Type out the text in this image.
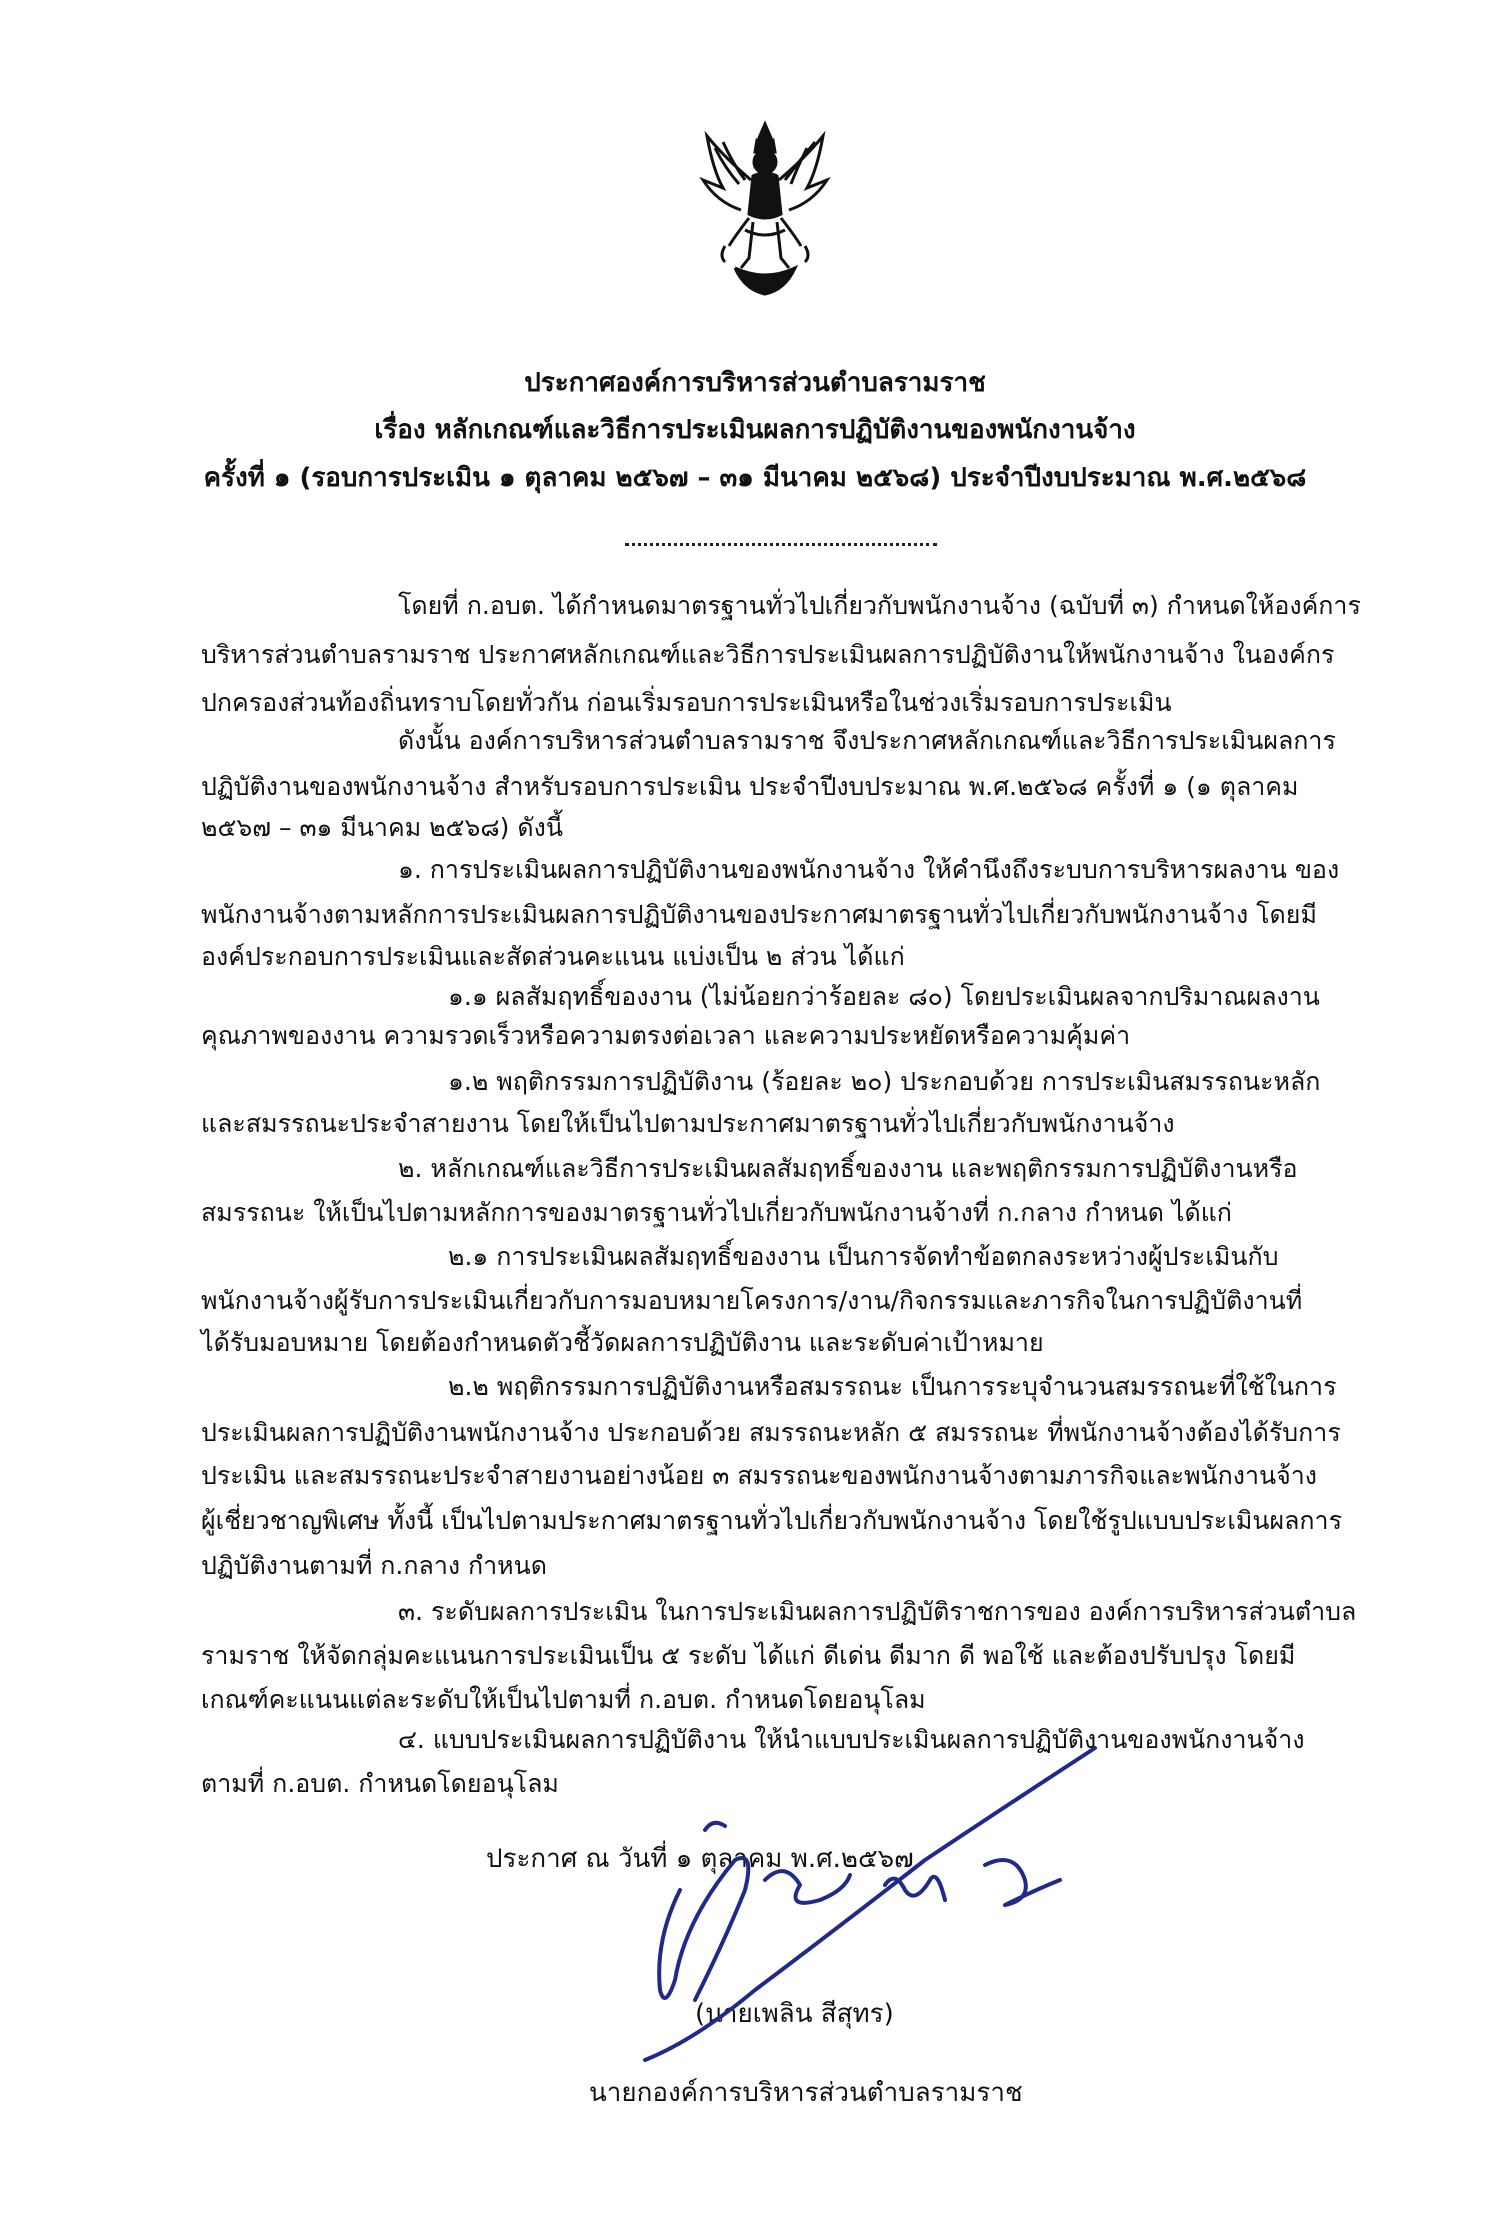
ประกาศองค์การบริหารส่วนตำบลรามราช
เรื่อง หลักเกณฑ์และวิธีการประเมินผลการปฏิบัติงานของพนักงานจ้าง
ครั้งที่ ๑ (รอบการประเมิน ๑ ตุลาคม ๒๕๖๗ – ๓๑ มีนาคม ๒๕๖๘) ประจำปีงบประมาณ พ.ศ.๒๕๖๘
โดยที่ ก.อบต. ได้กำหนดมาตรฐานทั่วไปเกี่ยวกับพนักงานจ้าง (ฉบับที่ ๓) กำหนดให้องค์การ
บริหารส่วนตำบลรามราช ประกาศหลักเกณฑ์และวิธีการประเมินผลการปฏิบัติงานให้พนักงานจ้าง ในองค์กร
ปกครองส่วนท้องถิ่นทราบโดยทั่วกัน ก่อนเริ่มรอบการประเมินหรือในช่วงเริ่มรอบการประเมิน
ดังนั้น องค์การบริหารส่วนตำบลรามราช จึงประกาศหลักเกณฑ์และวิธีการประเมินผลการ
ปฏิบัติงานของพนักงานจ้าง สำหรับรอบการประเมิน ประจำปีงบประมาณ พ.ศ.๒๕๖๘ ครั้งที่ ๑ (๑ ตุลาคม
๒๕๖๗ – ๓๑ มีนาคม ๒๕๖๘) ดังนี้
๑. การประเมินผลการปฏิบัติงานของพนักงานจ้าง ให้คำนึงถึงระบบการบริหารผลงาน ของ
พนักงานจ้างตามหลักการประเมินผลการปฏิบัติงานของประกาศมาตรฐานทั่วไปเกี่ยวกับพนักงานจ้าง โดยมี
องค์ประกอบการประเมินและสัดส่วนคะแนน แบ่งเป็น ๒ ส่วน ได้แก่
๑.๑ ผลสัมฤทธิ์ของงาน (ไม่น้อยกว่าร้อยละ ๘๐) โดยประเมินผลจากปริมาณผลงาน
คุณภาพของงาน ความรวดเร็วหรือความตรงต่อเวลา และความประหยัดหรือความคุ้มค่า
๑.๒ พฤติกรรมการปฏิบัติงาน (ร้อยละ ๒๐) ประกอบด้วย การประเมินสมรรถนะหลัก
และสมรรถนะประจำสายงาน โดยให้เป็นไปตามประกาศมาตรฐานทั่วไปเกี่ยวกับพนักงานจ้าง
๒. หลักเกณฑ์และวิธีการประเมินผลสัมฤทธิ์ของงาน และพฤติกรรมการปฏิบัติงานหรือ
สมรรถนะ ให้เป็นไปตามหลักการของมาตรฐานทั่วไปเกี่ยวกับพนักงานจ้างที่ ก.กลาง กำหนด ได้แก่
๒.๑ การประเมินผลสัมฤทธิ์ของงาน เป็นการจัดทำข้อตกลงระหว่างผู้ประเมินกับ
พนักงานจ้างผู้รับการประเมินเกี่ยวกับการมอบหมายโครงการ/งาน/กิจกรรมและภารกิจในการปฏิบัติงานที่
ได้รับมอบหมาย โดยต้องกำหนดตัวชี้วัดผลการปฏิบัติงาน และระดับค่าเป้าหมาย
๒.๒ พฤติกรรมการปฏิบัติงานหรือสมรรถนะ เป็นการระบุจำนวนสมรรถนะที่ใช้ในการ
ประเมินผลการปฏิบัติงานพนักงานจ้าง ประกอบด้วย สมรรถนะหลัก ๕ สมรรถนะ ที่พนักงานจ้างต้องได้รับการ
ประเมิน และสมรรถนะประจำสายงานอย่างน้อย ๓ สมรรถนะของพนักงานจ้างตามภารกิจและพนักงานจ้าง
ผู้เชี่ยวชาญพิเศษ ทั้งนี้ เป็นไปตามประกาศมาตรฐานทั่วไปเกี่ยวกับพนักงานจ้าง โดยใช้รูปแบบประเมินผลการ
ปฏิบัติงานตามที่ ก.กลาง กำหนด
๓. ระดับผลการประเมิน ในการประเมินผลการปฏิบัติราชการของ องค์การบริหารส่วนตำบล
รามราช ให้จัดกลุ่มคะแนนการประเมินเป็น ๕ ระดับ ได้แก่ ดีเด่น ดีมาก ดี พอใช้ และต้องปรับปรุง โดยมี
เกณฑ์คะแนนแต่ละระดับให้เป็นไปตามที่ ก.อบต. กำหนดโดยอนุโลม
๔. แบบประเมินผลการปฏิบัติงาน ให้นำแบบประเมินผลการปฏิบัติงานของพนักงานจ้าง
ตามที่ ก.อบต. กำหนดโดยอนุโลม
ประกาศ ณ วันที่ ๑ ตุลาคม พ.ศ.๒๕๖๗
(นายเพลิน สีสุทร)
นายกองค์การบริหารส่วนตำบลรามราช
